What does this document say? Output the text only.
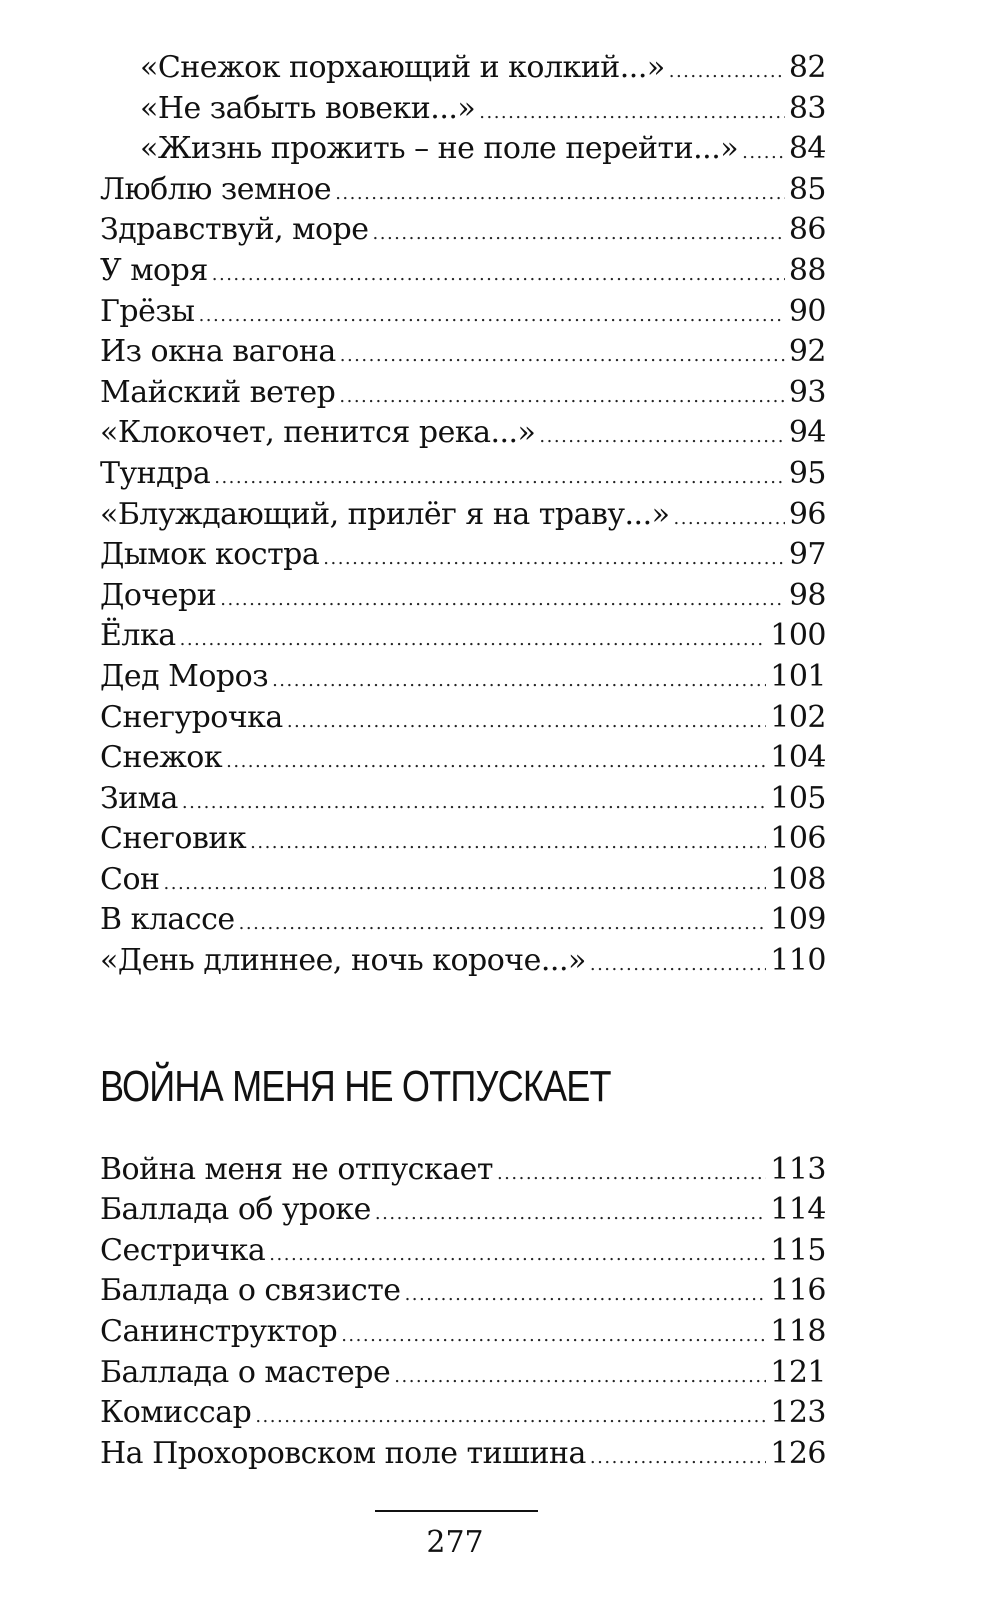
«Снежок порхающий и колкий...» .....	82
«Не забыть вовеки...» .....	83
«Жизнь прожить – не поле перейти...» ..... 84
Люблю земное .....	85
Здравствуй, море .....	86
У моря .....	88
Грёзы .....	90
Из окна вагона .....	92
Майский ветер .....	93
«Клокочет, пенится река...» .....	94
Тундра .....	95
«Блуждающий, прилёг я на траву...» .....	96
Дымок костра .....	97
Дочери .....	98
Ёлка .....	100
Дед Мороз .....	101
Снегурочка .....	102
Снежок .....	104
Зима .....	105
Снеговик .....	106
Сон .....	108
В классе .....	109
«День длиннее, ночь короче...» .....	110
ВОЙНА МЕНЯ НЕ ОТПУСКАЕТ
Война меня не отпускает .....	113
Баллада об уроке .....	114
Сестричка .....	115
Баллада о связисте .....	116
Санинструктор .....	118
Баллада о мастере .....	121
Комиссар .....	123
На Прохоровском поле тишина .....	126
277
